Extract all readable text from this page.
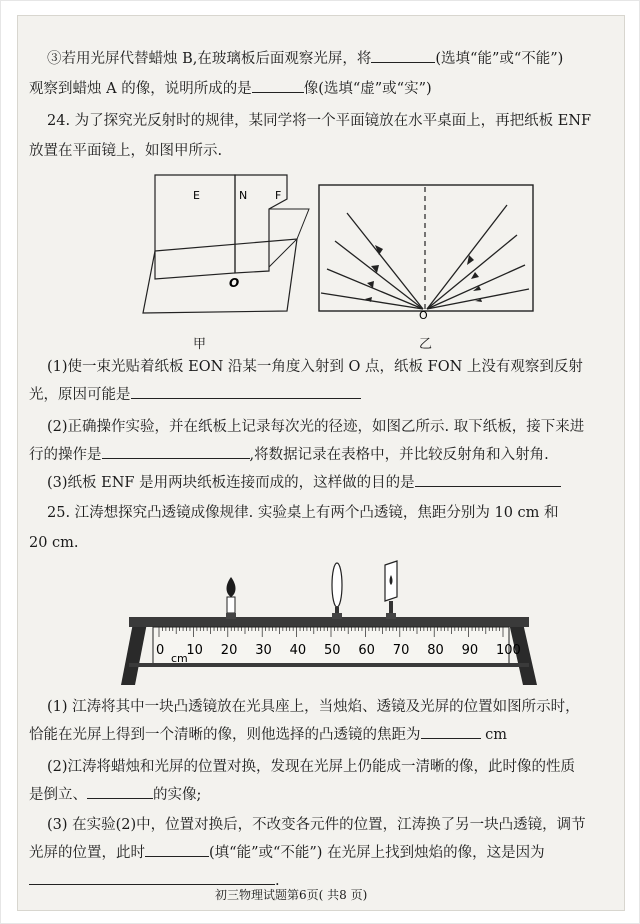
③若用光屏代替蜡烛 B,在玻璃板后面观察光屏，将	(选填“能”或“不能”)
观察到蜡烛 A 的像，说明所成的是	像(选填“虚”或“实”)
24. 为了探究光反射时的规律，某同学将一个平面镜放在水平桌面上，再把纸板 ENF
放置在平面镜上，如图甲所示.
E	N	F
O
O
甲	乙
(1)使一束光贴着纸板 EON 沿某一角度入射到 O 点，纸板 FON 上没有观察到反射
光，原因可能是
(2)正确操作实验，并在纸板上记录每次光的径迹，如图乙所示. 取下纸板，接下来进
行的操作是	,将数据记录在表格中，并比较反射角和入射角.
(3)纸板 ENF 是用两块纸板连接而成的，这样做的目的是
25. 江涛想探究凸透镜成像规律. 实验桌上有两个凸透镜，焦距分别为 10 cm 和
20 cm.
0 10 20 30 40 50 60 70 80 90 100
cm
(1) 江涛将其中一块凸透镜放在光具座上，当烛焰、透镜及光屏的位置如图所示时，
恰能在光屏上得到一个清晰的像，则他选择的凸透镜的焦距为	cm
(2)江涛将蜡烛和光屏的位置对换，发现在光屏上仍能成一清晰的像，此时像的性质
是倒立、	的实像;
(3) 在实验(2)中，位置对换后，不改变各元件的位置，江涛换了另一块凸透镜，调节
光屏的位置，此时	(填“能”或“不能”) 在光屏上找到烛焰的像，这是因为
.
初三物理试题第6页( 共8 页)
